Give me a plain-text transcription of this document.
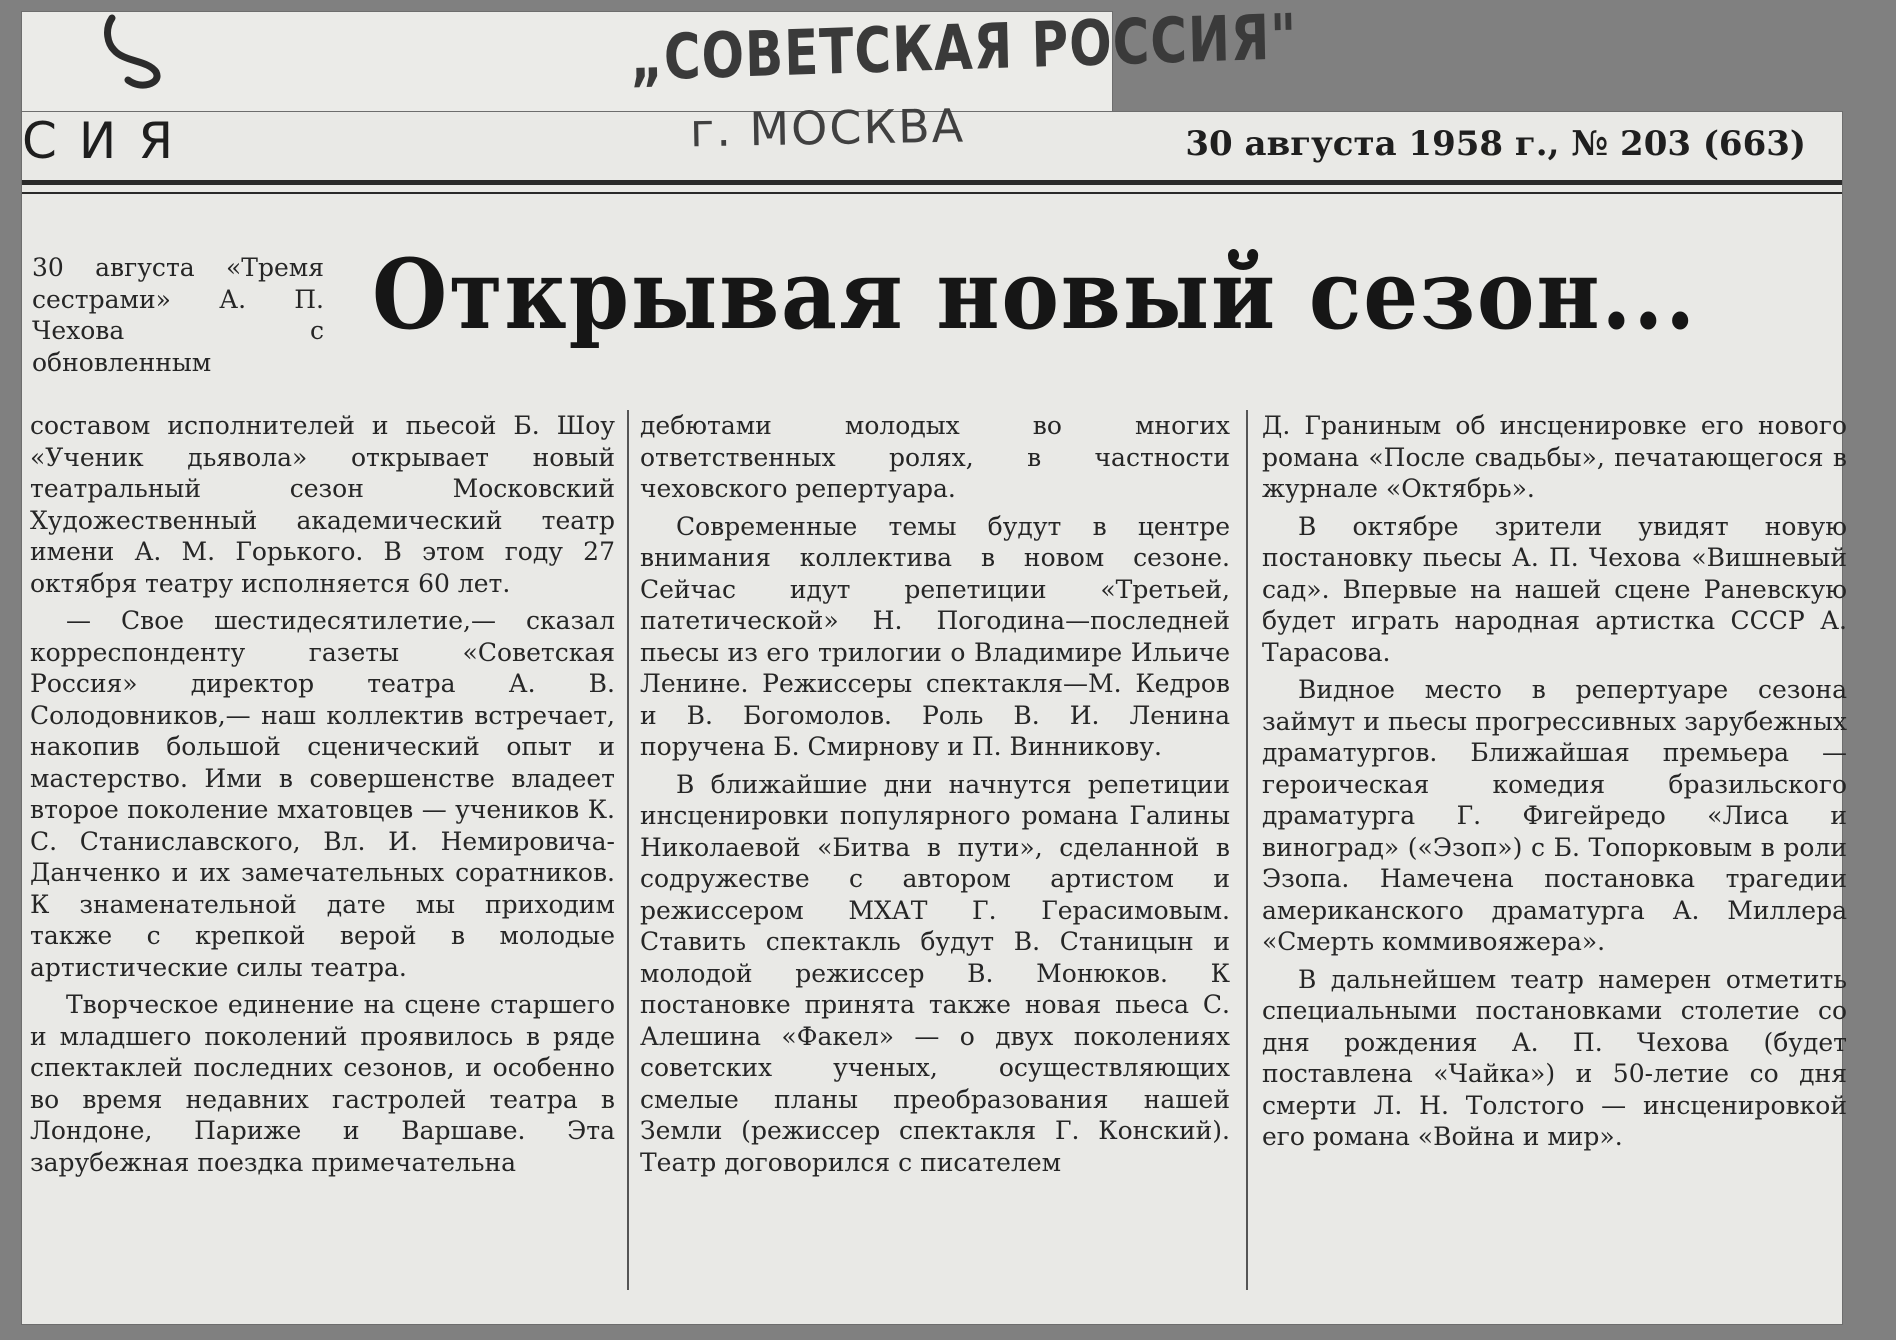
„СОВЕТСКАЯ РОССИЯ"
г. МОСКВА
СИЯ	30 августа 1958 г., № 203 (663)
Открывая новый сезон...
30 августа «Тремя сестрами» А. П. Чехова с обновленным

составом исполнителей и пьесой Б. Шоу «Ученик дьявола» открывает новый театральный сезон Московский Художественный академический театр имени А. М. Горького. В этом году 27 октября театру исполняется 60 лет.

— Свое шестидесятилетие,— сказал корреспонденту газеты «Советская Россия» директор театра А. В. Солодовников,— наш коллектив встречает, накопив большой сценический опыт и мастерство. Ими в совершенстве владеет второе поколение мхатовцев — учеников К. С. Станиславского, Вл. И. Немировича-Данченко и их замечательных соратников. К знаменательной дате мы приходим также с крепкой верой в молодые артистические силы театра.

Творческое единение на сцене старшего и младшего поколений проявилось в ряде спектаклей последних сезонов, и особенно во время недавних гастролей театра в Лондоне, Париже и Варшаве. Эта зарубежная поездка примечательна

дебютами молодых во многих ответственных ролях, в частности чеховского репертуара.

Современные темы будут в центре внимания коллектива в новом сезоне. Сейчас идут репетиции «Третьей, патетической» Н. Погодина—последней пьесы из его трилогии о Владимире Ильиче Ленине. Режиссеры спектакля—М. Кедров и В. Богомолов. Роль В. И. Ленина поручена Б. Смирнову и П. Винникову.

В ближайшие дни начнутся репетиции инсценировки популярного романа Галины Николаевой «Битва в пути», сделанной в содружестве с автором артистом и режиссером МХАТ Г. Герасимовым. Ставить спектакль будут В. Станицын и молодой режиссер В. Монюков. К постановке принята также новая пьеса С. Алешина «Факел» — о двух поколениях советских ученых, осуществляющих смелые планы преобразования нашей Земли (режиссер спектакля Г. Конский). Театр договорился с писателем

Д. Граниным об инсценировке его нового романа «После свадьбы», печатающегося в журнале «Октябрь».

В октябре зрители увидят новую постановку пьесы А. П. Чехова «Вишневый сад». Впервые на нашей сцене Раневскую будет играть народная артистка СССР А. Тарасова.

Видное место в репертуаре сезона займут и пьесы прогрессивных зарубежных драматургов. Ближайшая премьера — героическая комедия бразильского драматурга Г. Фигейредо «Лиса и виноград» («Эзоп») с Б. Топорковым в роли Эзопа. Намечена постановка трагедии американского драматурга А. Миллера «Смерть коммивояжера».

В дальнейшем театр намерен отметить специальными постановками столетие со дня рождения А. П. Чехова (будет поставлена «Чайка») и 50-летие со дня смерти Л. Н. Толстого — инсценировкой его романа «Война и мир».
